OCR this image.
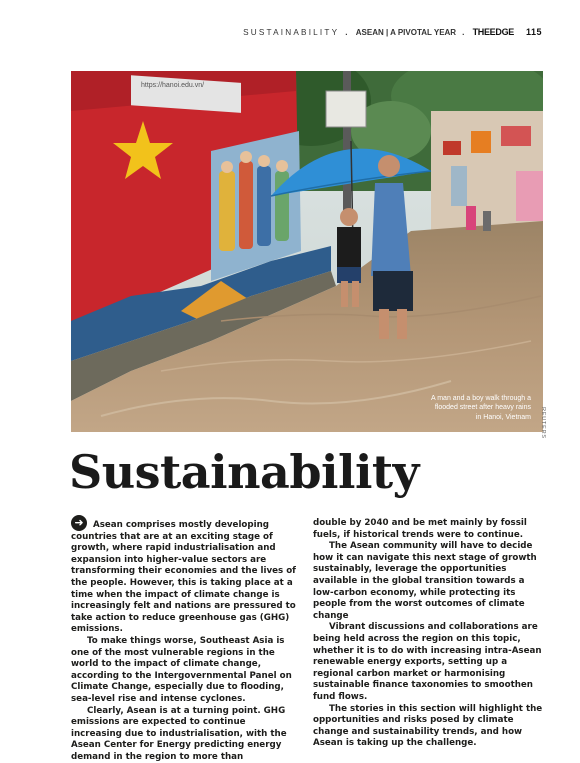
SUSTAINABILITY . ASEAN | A PIVOTAL YEAR . THEEDGE 115
https://hanoi.edu.vn/
A man and a boy walk through a flooded street after heavy rains in Hanoi, Vietnam REUTERS
Sustainability

➜ Asean comprises mostly developing countries that are at an exciting stage of growth, where rapid industrialisation and expansion into higher-value sectors are transforming their economies and the lives of the people. However, this is taking place at a time when the impact of climate change is increasingly felt and nations are pressured to take action to reduce greenhouse gas (GHG) emissions.

To make things worse, Southeast Asia is one of the most vulnerable regions in the world to the impact of climate change, according to the Intergovernmental Panel on Climate Change, especially due to flooding, sea-level rise and intense cyclones.

Clearly, Asean is at a turning point. GHG emissions are expected to continue increasing due to industrialisation, with the Asean Center for Energy predicting energy demand in the region to more than

double by 2040 and be met mainly by fossil fuels, if historical trends were to continue.

The Asean community will have to decide how it can navigate this next stage of growth sustainably, leverage the opportunities available in the global transition towards a low-carbon economy, while protecting its people from the worst outcomes of climate change

Vibrant discussions and collaborations are being held across the region on this topic, whether it is to do with increasing intra-Asean renewable energy exports, setting up a regional carbon market or harmonising sustainable finance taxonomies to smoothen fund flows.

The stories in this section will highlight the opportunities and risks posed by climate change and sustainability trends, and how Asean is taking up the challenge.
